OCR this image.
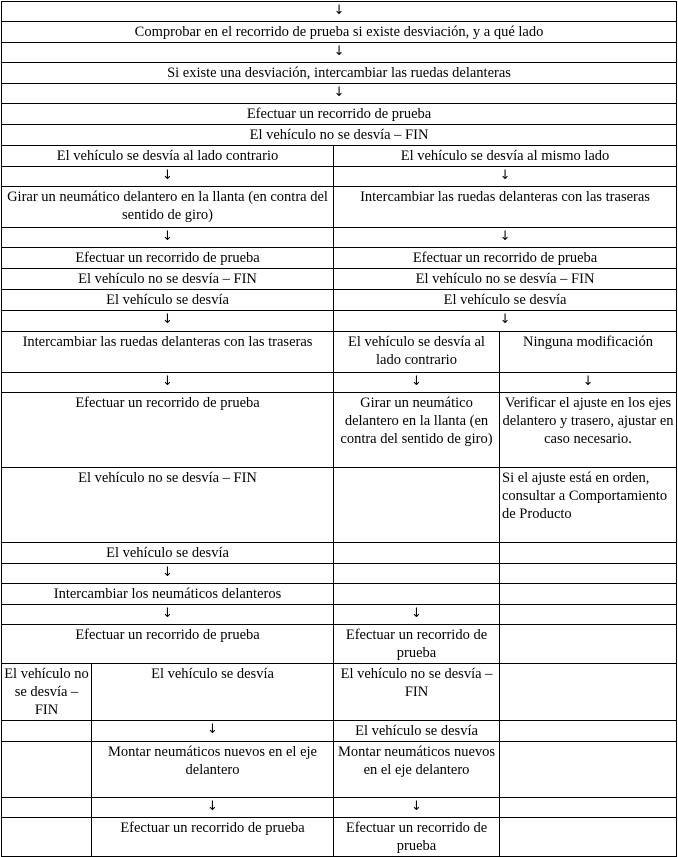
↓			
Comprobar en el recorrido de prueba si existe desviación, y a qué lado			
↓			
Si existe una desviación, intercambiar las ruedas delanteras			
↓			
Efectuar un recorrido de prueba			
El vehículo no se desvía – FIN			
El vehículo se desvía al lado contrario		El vehículo se desvía al mismo lado	
↓		↓	
Girar un neumático delantero en la llanta (en contra del sentido de giro)		Intercambiar las ruedas delanteras con las traseras	
↓		↓	
Efectuar un recorrido de prueba		Efectuar un recorrido de prueba	
El vehículo no se desvía – FIN		El vehículo no se desvía – FIN	
El vehículo se desvía		El vehículo se desvía	
↓		↓	
Intercambiar las ruedas delanteras con las traseras		El vehículo se desvía al lado contrario	Ninguna modificación
↓		↓	↓
Efectuar un recorrido de prueba		Girar un neumático delantero en la llanta (en contra del sentido de giro)	Verificar el ajuste en los ejes delantero y trasero, ajustar en caso necesario.
El vehículo no se desvía – FIN			Si el ajuste está en orden, consultar a Comportamiento de Producto
El vehículo se desvía			
↓			
Intercambiar los neumáticos delanteros			
↓		↓	
Efectuar un recorrido de prueba		Efectuar un recorrido de prueba	
El vehículo no se desvía – FIN	El vehículo se desvía	El vehículo no se desvía – FIN	
	↓	El vehículo se desvía	
	Montar neumáticos nuevos en el eje delantero	Montar neumáticos nuevos en el eje delantero	
	↓	↓	
	Efectuar un recorrido de prueba	Efectuar un recorrido de prueba	
